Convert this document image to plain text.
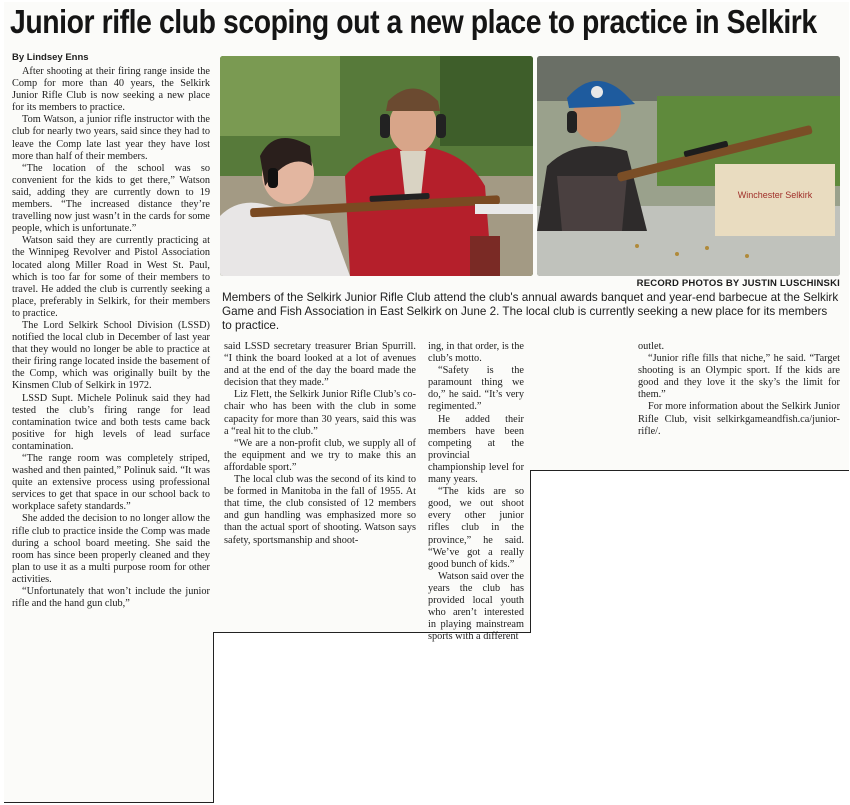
Junior rifle club scoping out a new place to practice in Selkirk
By Lindsey Enns
Winchester Selkirk
RECORD PHOTOS BY JUSTIN LUSCHINSKI
Members of the Selkirk Junior Rifle Club attend the club's annual awards banquet and year-end barbecue at the Selkirk Game and Fish Association in East Selkirk on June 2. The local club is currently seeking a new place for its members to practice.

After shooting at their firing range inside the Comp for more than 40 years, the Selkirk Junior Rifle Club is now seeking a new place for its members to practice.

Tom Watson, a junior rifle instructor with the club for nearly two years, said since they had to leave the Comp late last year they have lost more than half of their members.

“The location of the school was so convenient for the kids to get there,” Watson said, adding they are currently down to 19 members. “The increased distance they’re travelling now just wasn’t in the cards for some people, which is unfortunate.”

Watson said they are currently practicing at the Winnipeg Revolver and Pistol Association located along Miller Road in West St. Paul, which is too far for some of their members to travel. He added the club is currently seeking a place, preferably in Selkirk, for their members to practice.

The Lord Selkirk School Division (LSSD) notified the local club in December of last year that they would no longer be able to practice at their firing range located inside the basement of the Comp, which was originally built by the Kinsmen Club of Selkirk in 1972.

LSSD Supt. Michele Polinuk said they had tested the club’s firing range for lead contamination twice and both tests came back positive for high levels of lead surface contamination.

“The range room was completely striped, washed and then painted,” Polinuk said. “It was quite an extensive process using professional services to get that space in our school back to workplace safety standards.”

She added the decision to no longer allow the rifle club to practice inside the Comp was made during a school board meeting. She said the room has since been properly cleaned and they plan to use it as a multi purpose room for other activities.

“Unfortunately that won’t include the junior rifle and the hand gun club,”

said LSSD secretary treasurer Brian Spurrill. “I think the board looked at a lot of avenues and at the end of the day the board made the decision that they made.”

Liz Flett, the Selkirk Junior Rifle Club’s co-chair who has been with the club in some capacity for more than 30 years, said this was a “real hit to the club.”

“We are a non-profit club, we supply all of the equipment and we try to make this an affordable sport.”

The local club was the second of its kind to be formed in Manitoba in the fall of 1955. At that time, the club consisted of 12 members and gun handling was emphasized more so than the actual sport of shooting. Watson says safety, sportsmanship and shoot-

ing, in that order, is the club’s motto.

“Safety is the paramount thing we do,” he said. “It’s very regimented.”

He added their members have been competing at the provincial championship level for many years.

“The kids are so good, we out shoot every other junior rifles club in the province,” he said. “We’ve got a really good bunch of kids.”

Watson said over the years the club has provided local youth who aren’t interested in playing mainstream sports with a different

outlet.

“Junior rifle fills that niche,” he said. “Target shooting is an Olympic sport. If the kids are good and they love it the sky’s the limit for them.”

For more information about the Selkirk Junior Rifle Club, visit selkirkgameandfish.ca/junior-rifle/.
